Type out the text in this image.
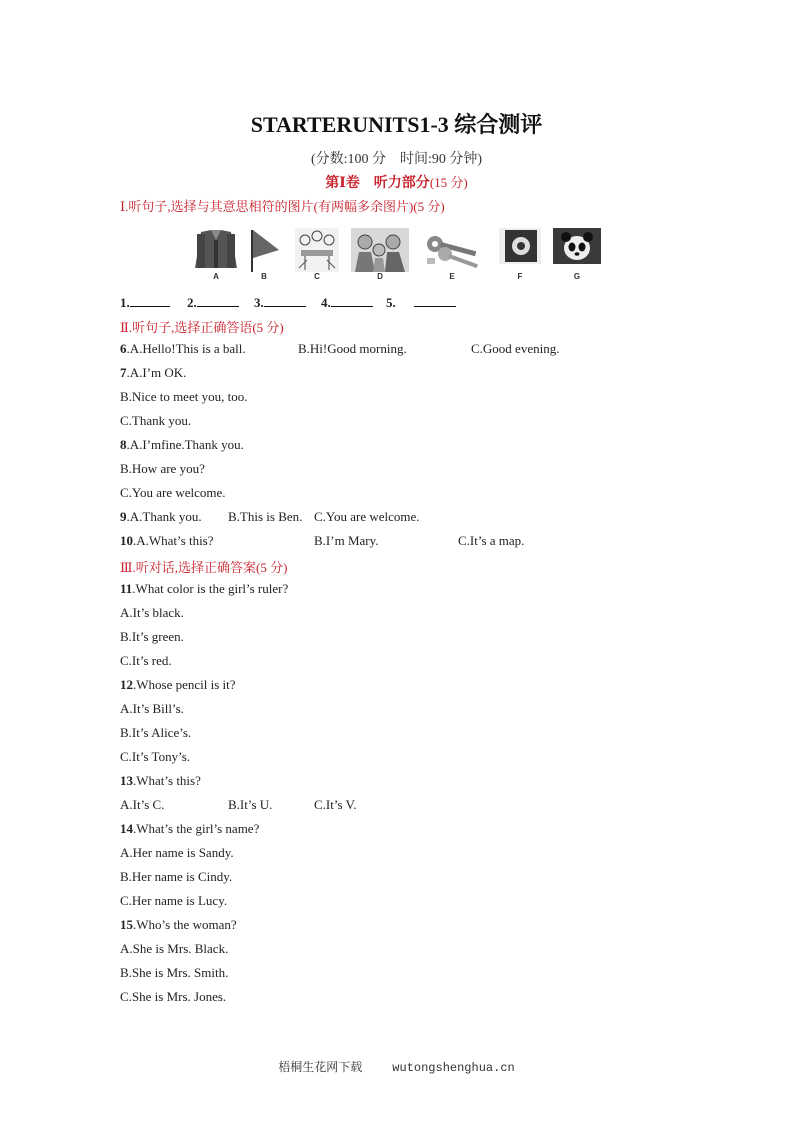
STARTERUNITS1-3 综合测评
(分数:100 分　时间:90 分钟)
第Ⅰ卷　听力部分(15 分)
Ⅰ.听句子,选择与其意思相符的图片(有两幅多余图片)(5 分)
A	B	C	D	E	F	G
1.	2.	3.	4.	5.
Ⅱ.听句子,选择正确答语(5 分)
6.A.Hello!This is a ball.	B.Hi!Good morning.	C.Good evening.
7.A.I’m OK.
B.Nice to meet you, too.
C.Thank you.
8.A.I’mfine.Thank you.
B.How are you?
C.You are welcome.
9.A.Thank you. B.This is Ben. C.You are welcome.
10.A.What’s this?	B.I’m Mary.	C.It’s a map.
Ⅲ.听对话,选择正确答案(5 分)
11.What color is the girl’s ruler?
A.It’s black.
B.It’s green.
C.It’s red.
12.Whose pencil is it?
A.It’s Bill’s.
B.It’s Alice’s.
C.It’s Tony’s.
13.What’s this?
A.It’s C.	B.It’s U.	C.It’s V.
14.What’s the girl’s name?
A.Her name is Sandy.
B.Her name is Cindy.
C.Her name is Lucy.
15.Who’s the woman?
A.She is Mrs. Black.
B.She is Mrs. Smith.
C.She is Mrs. Jones.
梧桐生花网下载	wutongshenghua.cn
